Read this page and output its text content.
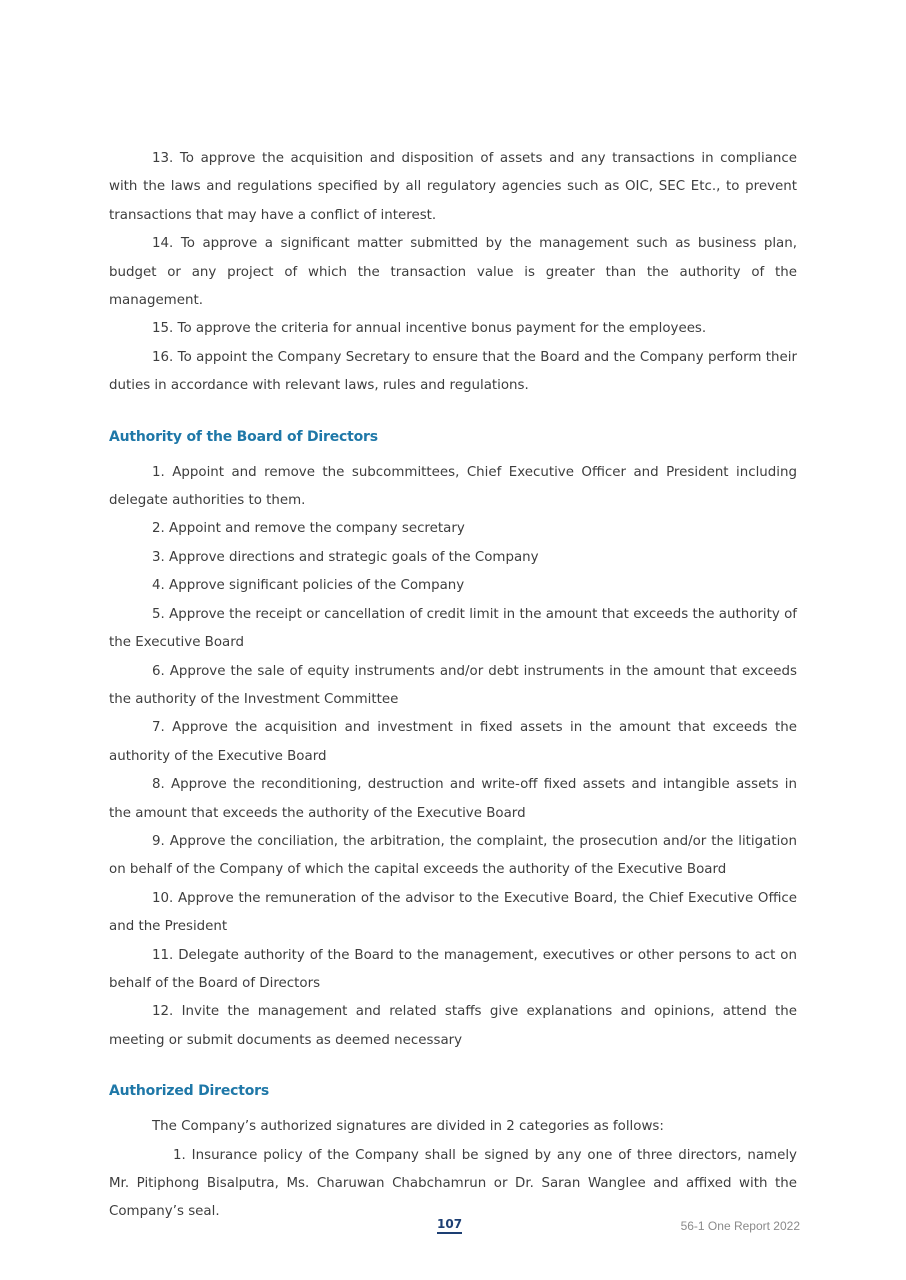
13. To approve the acquisition and disposition of assets and any transactions in compliance with the laws and regulations specified by all regulatory agencies such as OIC, SEC Etc., to prevent transactions that may have a conflict of interest.

14. To approve a significant matter submitted by the management such as business plan, budget or any project of which the transaction value is greater than the authority of the management.

15. To approve the criteria for annual incentive bonus payment for the employees.

16. To appoint the Company Secretary to ensure that the Board and the Company perform their duties in accordance with relevant laws, rules and regulations.

Authority of the Board of Directors

1. Appoint and remove the subcommittees, Chief Executive Officer and President including delegate authorities to them.

2. Appoint and remove the company secretary

3. Approve directions and strategic goals of the Company

4. Approve significant policies of the Company

5. Approve the receipt or cancellation of credit limit in the amount that exceeds the authority of the Executive Board

6. Approve the sale of equity instruments and/or debt instruments in the amount that exceeds the authority of the Investment Committee

7. Approve the acquisition and investment in fixed assets in the amount that exceeds the authority of the Executive Board

8. Approve the reconditioning, destruction and write-off fixed assets and intangible assets in the amount that exceeds the authority of the Executive Board

9. Approve the conciliation, the arbitration, the complaint, the prosecution and/or the litigation on behalf of the Company of which the capital exceeds the authority of the Executive Board

10. Approve the remuneration of the advisor to the Executive Board, the Chief Executive Office and the President

11. Delegate authority of the Board to the management, executives or other persons to act on behalf of the Board of Directors

12. Invite the management and related staffs give explanations and opinions, attend the meeting or submit documents as deemed necessary

Authorized Directors

The Company’s authorized signatures are divided in 2 categories as follows:

1. Insurance policy of the Company shall be signed by any one of three directors, namely Mr. Pitiphong Bisalputra, Ms. Charuwan Chabchamrun or Dr. Saran Wanglee and affixed with the Company’s seal.

107	56-1 One Report 2022
